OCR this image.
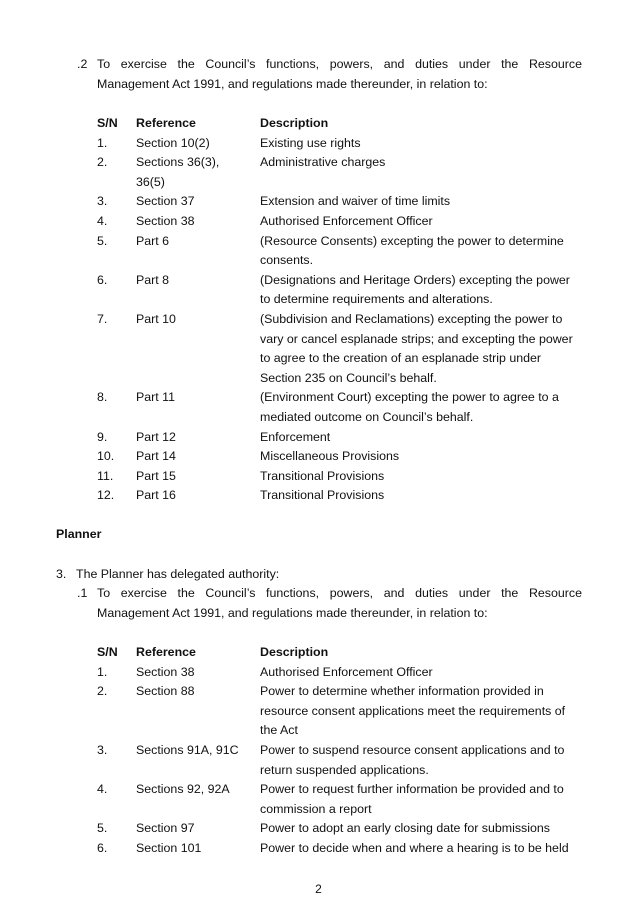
.2 To exercise the Council’s functions, powers, and duties under the Resource Management Act 1991, and regulations made thereunder, in relation to:
S/N	Reference	Description
1.	Section 10(2)	Existing use rights
2.	Sections 36(3), 36(5)	Administrative charges
3.	Section 37	Extension and waiver of time limits
4.	Section 38	Authorised Enforcement Officer
5.	Part 6	(Resource Consents) excepting the power to determine consents.
6.	Part 8	(Designations and Heritage Orders) excepting the power to determine requirements and alterations.
7.	Part 10	(Subdivision and Reclamations) excepting the power to vary or cancel esplanade strips; and excepting the power to agree to the creation of an esplanade strip under Section 235 on Council’s behalf.
8.	Part 11	(Environment Court) excepting the power to agree to a mediated outcome on Council’s behalf.
9.	Part 12	Enforcement
10.	Part 14	Miscellaneous Provisions
11.	Part 15	Transitional Provisions
12.	Part 16	Transitional Provisions
Planner
3. The Planner has delegated authority:
.1 To exercise the Council’s functions, powers, and duties under the Resource Management Act 1991, and regulations made thereunder, in relation to:
S/N	Reference	Description
1.	Section 38	Authorised Enforcement Officer
2.	Section 88	Power to determine whether information provided in resource consent applications meet the requirements of the Act
3.	Sections 91A, 91C	Power to suspend resource consent applications and to return suspended applications.
4.	Sections 92, 92A	Power to request further information be provided and to commission a report
5.	Section 97	Power to adopt an early closing date for submissions
6.	Section 101	Power to decide when and where a hearing is to be held
2
